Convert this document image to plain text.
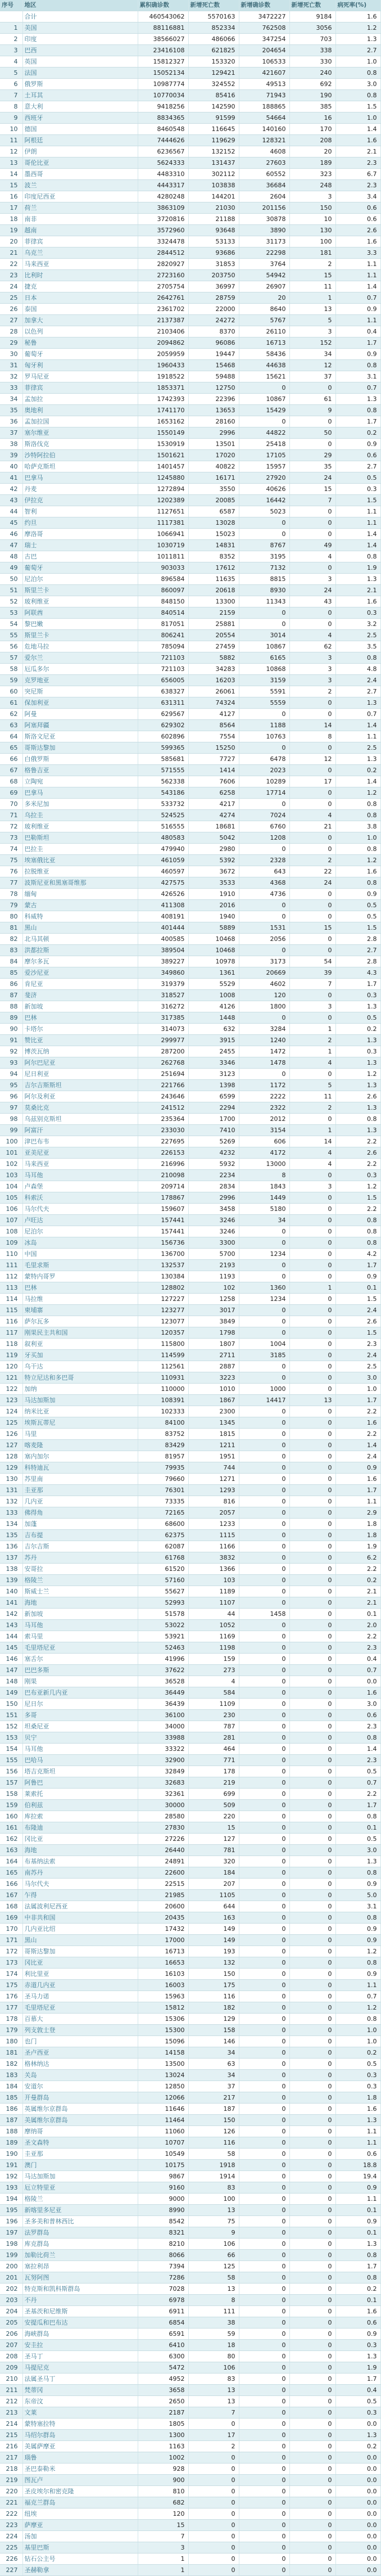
序号	地区	累积确诊数	新增死亡数	新增确诊数	新增死亡数	病死率(%)
	合计	460543062	5570163	3472227	9184	1.6
1	美国	88116881	852334	762508	3056	1.2
2	印度	38566027	486066	347254	703	1.3
3	巴西	23416108	621825	204654	338	2.7
4	英国	15812327	153320	106533	330	1.0
5	法国	15052134	129421	421607	240	0.8
6	俄罗斯	10987774	324552	49513	692	3.0
7	土耳其	10770034	85416	71943	190	0.8
8	意大利	9418256	142590	188865	385	1.5
9	西班牙	8834365	91599	54664	16	1.0
10	德国	8460548	116645	140160	170	1.4
11	阿根廷	7444626	119629	128321	208	1.6
12	伊朗	6236567	132152	4608	20	2.1
13	哥伦比亚	5624333	131437	27603	189	2.3
14	墨西哥	4483310	302112	60552	323	6.7
15	波兰	4443317	103838	36684	248	2.3
16	印度尼西亚	4280248	144201	2604	3	3.4
17	荷兰	3863109	21030	201156	150	0.6
18	南非	3720816	21188	30878	10	0.6
19	越南	3572960	93648	3890	130	2.6
20	菲律宾	3324478	53133	31173	100	1.6
21	乌克兰	2844512	93686	22298	181	3.3
22	马来西亚	2820927	31853	3764	2	1.1
23	比利时	2723160	203750	54942	15	1.1
24	捷克	2705754	36997	26907	11	1.4
25	日本	2642761	28759	20	1	0.7
26	泰国	2361702	22000	8640	13	0.9
27	加拿大	2137387	24272	5767	5	1.1
28	以色列	2103406	8370	26110	3	0.4
29	秘鲁	2094862	96086	16713	152	1.7
30	葡萄牙	2059959	19447	58436	34	0.9
31	匈牙利	1960433	15468	44638	12	0.8
32	罗马尼亚	1918522	59488	15621	37	3.1
33	菲律宾	1853371	12750	0	0	0.7
34	孟加拉	1742393	22396	10867	61	1.3
35	奥地利	1741170	13653	15429	9	0.8
36	孟加拉国	1653162	28160	0	0	1.7
37	塞尔维亚	1550149	2996	44822	50	0.2
38	斯洛伐克	1530919	13501	25418	0	0.9
39	沙特阿拉伯	1501621	17020	17105	29	0.6
40	哈萨克斯坦	1401457	40822	15957	35	2.7
41	巴拿马	1245880	16171	27920	24	0.5
42	丹麦	1272894	3550	40626	15	0.3
43	伊拉克	1202389	20085	16442	7	1.5
44	智利	1127651	6587	5023	0	1.1
45	约旦	1117381	13028	0	0	1.1
46	摩洛哥	1066941	15023	0	0	1.4
47	瑞士	1030719	14831	8767	49	1.4
48	古巴	1011811	8352	3195	4	0.8
49	葡萄牙	903033	17612	7132	0	1.9
50	尼泊尔	896584	11635	8815	3	1.3
51	斯里兰卡	860097	20618	8930	24	2.1
52	玻利维亚	848150	13300	11343	43	1.6
53	阿联酋	840514	2159	0	0	0.3
54	黎巴嫩	817051	25881	0	0	3.2
55	斯里兰卡	806241	20554	3014	4	2.5
56	危地马拉	785094	27459	10867	62	3.5
57	爱尔兰	721103	5882	6165	3	0.8
58	厄瓜多尔	721103	34283	10868	3	4.8
59	克罗地亚	656005	16203	3159	3	2.4
60	突尼斯	638327	26061	5591	2	2.7
61	保加利亚	631311	74324	5559	0	1.3
62	阿曼	629567	4127	0	0	0.7
63	阿塞拜疆	629302	8564	1188	14	1.4
64	斯洛文尼亚	602896	7554	10763	8	1.1
65	哥斯达黎加	599365	15250	0	0	2.5
66	白俄罗斯	585681	7727	6478	12	1.3
67	格鲁吉亚	571555	1414	2023	0	0.2
68	立陶宛	562338	7606	10289	17	1.4
69	巴拿马	543186	6258	17714	0	1.2
70	多米尼加	533732	4217	0	0	0.8
71	乌拉圭	524525	4274	7024	4	0.8
72	玻利维亚	516555	18681	6760	21	3.8
73	巴勒斯坦	480583	5042	1208	0	1.0
74	巴拉圭	479940	2980	0	0	0.8
75	埃塞俄比亚	461059	5392	2328	2	1.2
76	拉脱维亚	460597	3672	643	22	1.6
77	波斯尼亚和黑塞哥维那	427575	3533	4368	24	0.8
78	缅甸	426526	1910	4736	0	0.9
79	蒙古	411308	2016	0	0	0.5
80	科威特	408191	1940	0	0	0.5
81	黑山	401444	5889	1531	15	1.5
82	北马其顿	400585	10468	2056	0	2.8
83	洪都拉斯	389504	10468	0	0	2.7
84	摩尔多瓦	389227	10978	3173	54	2.8
85	爱沙尼亚	349860	1361	20669	39	4.3
86	肯尼亚	319379	5529	4602	7	1.7
87	斐济	318527	1008	120	0	0.3
88	新加坡	316272	4126	1800	3	1.3
89	巴林	317385	1448	0	0	0.5
90	卡塔尔	314073	632	3284	1	0.2
91	赞比亚	299977	3915	1240	2	1.3
92	博茨瓦纳	287200	2455	1472	1	0.3
93	阿尔巴尼亚	262768	3346	1478	4	1.3
94	尼日利亚	251694	3123	0	0	1.2
95	吉尔吉斯斯坦	221766	1398	1172	5	1.3
96	阿尔及利亚	243646	6599	2222	11	2.6
97	莫桑比克	241512	2294	2322	2	1.3
98	乌兹别克斯坦	235364	1700	2012	0	0.8
99	阿富汗	233030	7410	3154	1	1.3
100	津巴布韦	227695	5269	606	14	2.2
101	亚美尼亚	226153	4232	4172	4	2.6
102	马来西亚	216996	5932	13000	4	2.2
103	马耳他	210098	2234	8	0	0.3
104	卢森堡	209714	2834	1843	3	1.2
105	科索沃	178867	2996	1449	0	1.5
106	马尔代夫	159607	3458	5180	0	2.2
107	卢旺达	157441	3246	34	0	0.8
108	尼泊尔	157441	3246	0	0	0.8
109	冰岛	156736	3300	0	0	0.8
110	中国	136700	5700	1234	0	4.2
111	毛里求斯	132537	2193	0	0	1.7
112	蒙特内哥罗	130384	1193	0	0	0.9
113	巴林	128802	102	1360	1	0.1
114	马拉维	127227	1258	1234	0	1.5
115	柬埔寨	123277	3017	0	0	2.4
116	萨尔瓦多	123077	3849	0	0	2.6
117	刚果民主共和国	120357	1798	0	0	1.5
118	叙利亚	115800	1807	1004	0	2.3
119	牙买加	114599	2711	3185	0	2.4
120	乌干达	112561	2887	0	0	2.5
121	特立尼达和多巴哥	110931	3223	0	0	3.0
122	加纳	110000	1010	1000	0	1.0
123	马达加斯加	108391	1867	14417	13	1.7
124	纳米比亚	102333	2300	0	0	2.2
125	埃斯瓦蒂尼	84100	1345	0	0	1.6
126	马里	83752	1815	0	0	2.2
127	喀麦隆	83429	1211	0	0	1.4
128	塞内加尔	81957	1951	0	0	2.4
129	科特迪瓦	79935	744	0	0	0.9
130	苏里南	79660	1271	0	0	1.6
131	圭亚那	76301	1293	0	0	1.7
132	几内亚	73335	816	0	0	1.1
133	佛得角	72165	2057	0	0	2.9
134	加蓬	68600	1233	0	0	1.8
135	吉布提	62375	1115	0	0	1.8
136	吉尔吉斯	62087	1166	0	0	1.9
137	苏丹	61768	3832	0	0	6.2
138	安哥拉	61520	1366	0	0	2.2
139	格陵兰	57160	103	0	0	0.2
140	斯威士兰	55627	1189	0	0	2.1
141	海地	52993	1107	0	0	2.1
142	新加坡	51578	44	1458	0	0.1
143	马耳他	53022	1052	0	0	2.0
144	索马里	53921	1169	0	0	2.2
145	毛里塔尼亚	52463	1198	0	0	2.3
146	塞舌尔	41996	159	0	0	0.4
147	巴巴多斯	37622	273	0	0	0.7
148	刚果	36528	4	0	0	0.0
149	巴布亚新几内亚	36449	584	0	0	1.6
150	尼日尔	36439	1109	0	0	3.0
151	多哥	36100	230	0	0	0.6
152	坦桑尼亚	34000	787	0	0	2.3
153	贝宁	33988	281	0	0	0.8
154	马耳他	33322	464	0	0	1.4
155	巴哈马	32900	771	0	0	2.3
156	塔吉克斯坦	32849	178	0	0	0.5
157	阿鲁巴	32683	219	0	0	0.7
158	莱索托	32361	699	0	0	2.2
159	伯利兹	30000	509	0	0	1.7
160	库拉索	28580	220	0	0	0.8
161	布隆迪	27830	15	0	0	0.1
162	冈比亚	27226	127	0	0	0.5
163	海地	26440	781	0	0	3.0
164	布基纳法索	24891	320	0	0	1.3
165	南苏丹	22600	184	0	0	0.8
166	马尔代夫	22515	207	0	0	0.9
167	乍得	21985	1105	0	0	5.0
168	法属波利尼西亚	20600	644	0	0	3.1
169	中非共和国	20435	163	0	0	0.8
170	几内亚比绍	17432	149	0	0	0.9
171	黑山	17000	149	0	0	0.9
172	哥斯达黎加	16713	193	0	0	1.2
173	冈比亚	16653	132	0	0	0.8
174	利比里亚	16103	150	0	0	0.9
175	赤道几内亚	16003	175	0	0	1.1
176	圣马力诺	15963	116	0	0	0.7
177	毛里塔尼亚	15812	182	0	0	1.2
178	百慕大	15306	129	0	0	0.8
179	列支敦士登	15300	158	0	0	1.0
180	也门	15096	146	0	0	1.0
181	圣卢西亚	14158	34	0	0	0.2
182	格林纳达	13500	63	0	0	0.5
183	关岛	13024	34	0	0	0.3
184	安道尔	12850	37	0	0	0.3
185	开曼群岛	12066	217	0	0	1.8
186	英属维尔京群岛	11646	187	0	0	1.6
187	美属维尔京群岛	11464	150	0	0	1.3
188	摩纳哥	11060	126	0	0	1.1
189	圣文森特	10707	116	0	0	1.1
190	圭亚那	10549	58	0	0	0.6
191	澳门	10175	1918	0	0	18.8
192	马达加斯加	9867	1914	0	0	19.4
193	厄立特里亚	9160	83	0	0	0.9
194	格陵兰	9000	100	0	0	1.1
195	新喀里多尼亚	8990	13	0	0	0.1
196	圣多美和普林西比	8542	75	0	0	0.9
197	法罗群岛	8321	9	0	0	0.1
198	库克群岛	8210	106	0	0	1.3
199	加勒比荷兰	8066	66	0	0	0.8
200	塞拉利昂	7394	125	0	0	1.7
201	瓦努阿图	7286	58	0	0	0.8
202	特克斯和凯科斯群岛	7028	13	0	0	0.2
203	不丹	6978	8	0	0	0.1
204	圣基茨和尼维斯	6911	111	0	0	1.6
205	安提瓜和巴布达	6854	38	0	0	0.6
206	海峡群岛	6591	59	0	0	0.9
207	安圭拉	6410	18	0	0	0.3
208	圣马丁	6300	80	0	0	1.3
209	马提尼克	5472	106	0	0	1.9
210	法属圣马丁	4952	83	0	0	1.7
211	梵蒂冈	3658	13	0	0	0.4
212	东帝汶	2650	13	0	0	0.5
213	文莱	2187	7	0	0	0.3
214	蒙特塞拉特	1805	0	0	0	0.0
215	马绍尔群岛	1300	17	0	0	1.3
216	美属萨摩亚	1163	2	0	0	0.2
217	瑙鲁	1002	0	0	0	0.0
218	圣巴泰勒米	928	0	0	0	0.0
219	图瓦卢	900	0	0	0	0.0
220	圣皮埃尔和密克隆	810	0	0	0	0.0
221	福克兰群岛	682	0	0	0	0.0
222	纽埃	120	0	0	0	0.0
223	萨摩亚	15	0	0	0	0.0
224	汤加	7	0	0	0	0.0
225	基里巴斯	3	0	0	0	0.0
226	钻石公主号	1	0	0	0	0.0
227	圣赫勒拿	1	0	0	0	0.0
